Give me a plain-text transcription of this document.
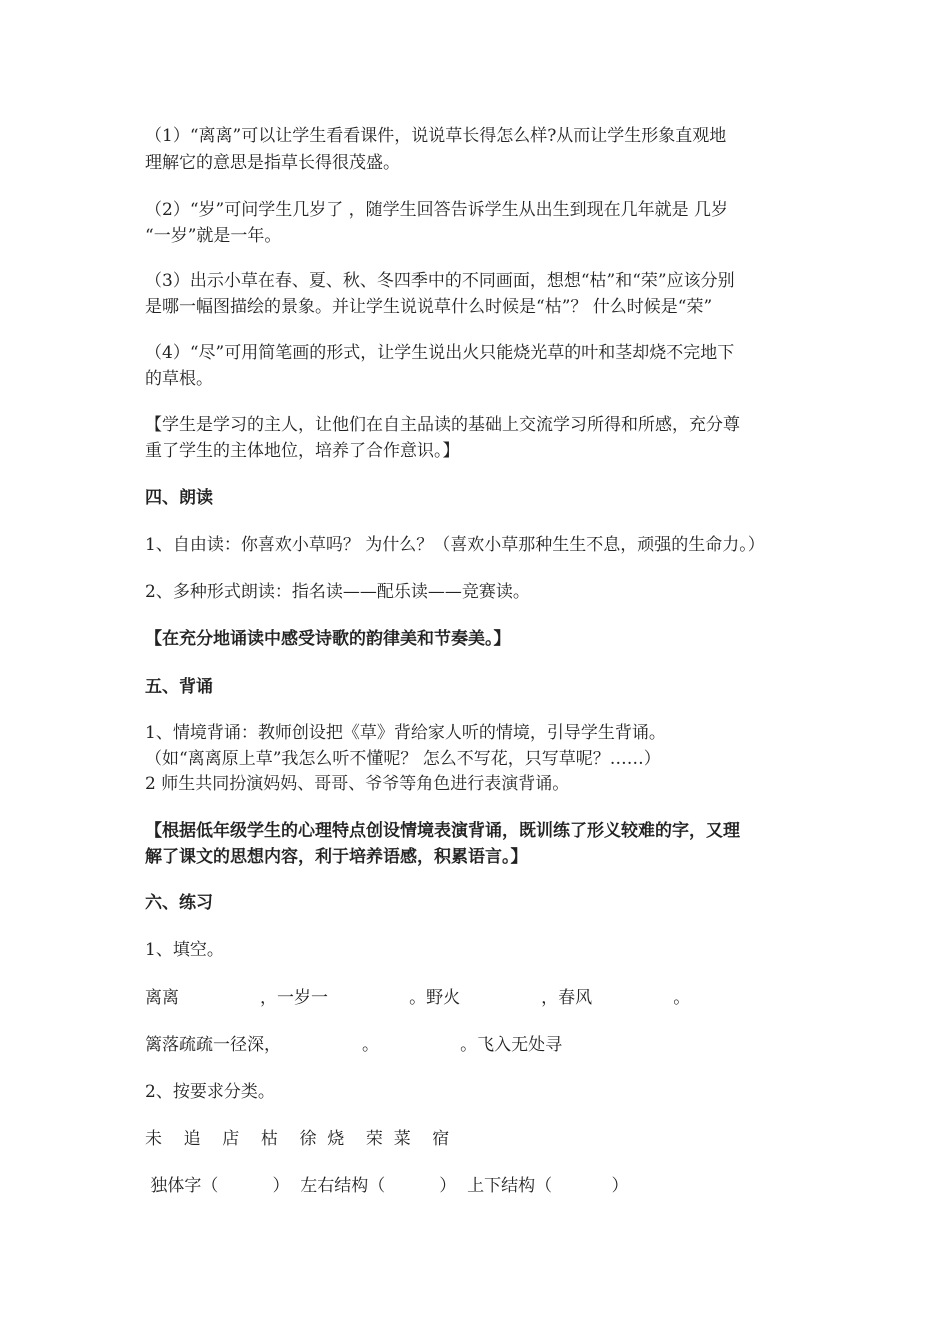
（1）“离离”可以让学生看看课件，说说草长得怎么样?从而让学生形象直观地
理解它的意思是指草长得很茂盛。
（2）“岁”可问学生几岁了 ，随学生回答告诉学生从出生到现在几年就是 几岁
“一岁”就是一年。
（3）出示小草在春、夏、秋、冬四季中的不同画面，想想“枯”和“荣”应该分别
是哪一幅图描绘的景象。并让学生说说草什么时候是“枯”？ 什么时候是“荣”
（4）“尽”可用简笔画的形式，让学生说出火只能烧光草的叶和茎却烧不完地下
的草根。
【学生是学习的主人，让他们在自主品读的基础上交流学习所得和所感，充分尊
重了学生的主体地位，培养了合作意识。】
四、朗读
1、自由读：你喜欢小草吗？ 为什么？（喜欢小草那种生生不息，顽强的生命力。）
2、多种形式朗读：指名读——配乐读——竞赛读。
【在充分地诵读中感受诗歌的韵律美和节奏美。】
五、背诵
1、情境背诵：教师创设把《草》背给家人听的情境，引导学生背诵。
（如“离离原上草”我怎么听不懂呢？ 怎么不写花，只写草呢？……）
2 师生共同扮演妈妈、哥哥、爷爷等角色进行表演背诵。
【根据低年级学生的心理特点创设情境表演背诵，既训练了形义较难的字，又理
解了课文的思想内容，利于培养语感，积累语言。】
六、练习
1、填空。
离离               ，一岁一               。野火               ，春风               。
篱落疏疏一径深，               。               。飞入无处寻
2、按要求分类。
未    追    店    枯    徐  烧    荣  菜    宿
独体字（          ）  左右结构（          ）  上下结构（           ）
